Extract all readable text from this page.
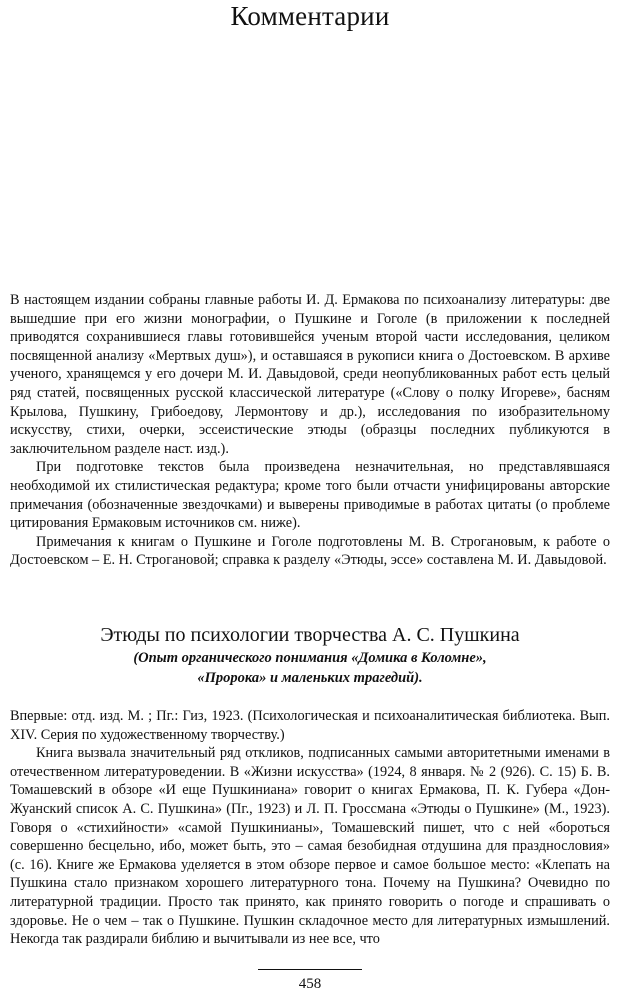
Комментарии

В настоящем издании собраны главные работы И. Д. Ермакова по психоанализу литературы: две вышедшие при его жизни монографии, о Пушкине и Гоголе (в приложении к последней приводятся сохранившиеся главы готовившейся ученым второй части исследования, целиком посвященной анализу «Мертвых душ»), и оставшаяся в рукописи книга о Достоевском. В архиве ученого, хранящемся у его дочери М. И. Давыдовой, среди неопубликованных работ есть целый ряд статей, посвященных русской классической литературе («Слову о полку Игореве», басням Крылова, Пушкину, Грибоедову, Лермонтову и др.), исследования по изобразительному искусству, стихи, очерки, эссеистические этюды (образцы последних публикуются в заключительном разделе наст. изд.).

При подготовке текстов была произведена незначительная, но представлявшаяся необходимой их стилистическая редактура; кроме того были отчасти унифицированы авторские примечания (обозначенные звездочками) и выверены приводимые в работах цитаты (о проблеме цитирования Ермаковым источников см. ниже).

Примечания к книгам о Пушкине и Гоголе подготовлены М. В. Строгановым, к работе о Достоевском – Е. Н. Строгановой; справка к разделу «Этюды, эссе» составлена М. И. Давыдовой.

Этюды по психологии творчества А. С. Пушкина
(Опыт органического понимания «Домика в Коломне»,
«Пророка» и маленьких трагедий).

Впервые: отд. изд. М. ; Пг.: Гиз, 1923. (Психологическая и психоаналитическая библиотека. Вып. XIV. Серия по художественному творчеству.)

Книга вызвала значительный ряд откликов, подписанных самыми авторитетными именами в отечественном литературоведении. В «Жизни искусства» (1924, 8 января. № 2 (926). С. 15) Б. В. Томашевский в обзоре «И еще Пушкиниана» говорит о книгах Ермакова, П. К. Губера «Дон-Жуанский список А. С. Пушкина» (Пг., 1923) и Л. П. Гроссмана «Этюды о Пушкине» (М., 1923). Говоря о «стихийности» «самой Пушкинианы», Томашевский пишет, что с ней «бороться совершенно бесцельно, ибо, может быть, это – самая безобидная отдушина для празднословия» (с. 16). Книге же Ермакова уделяется в этом обзоре первое и самое большое место: «Клепать на Пушкина стало признаком хорошего литературного тона. Почему на Пушкина? Очевидно по литературной традиции. Просто так принято, как принято говорить о погоде и спрашивать о здоровье. Не о чем – так о Пушкине. Пушкин складочное место для литературных измышлений. Некогда так раздирали библию и вычитывали из нее все, что

458
